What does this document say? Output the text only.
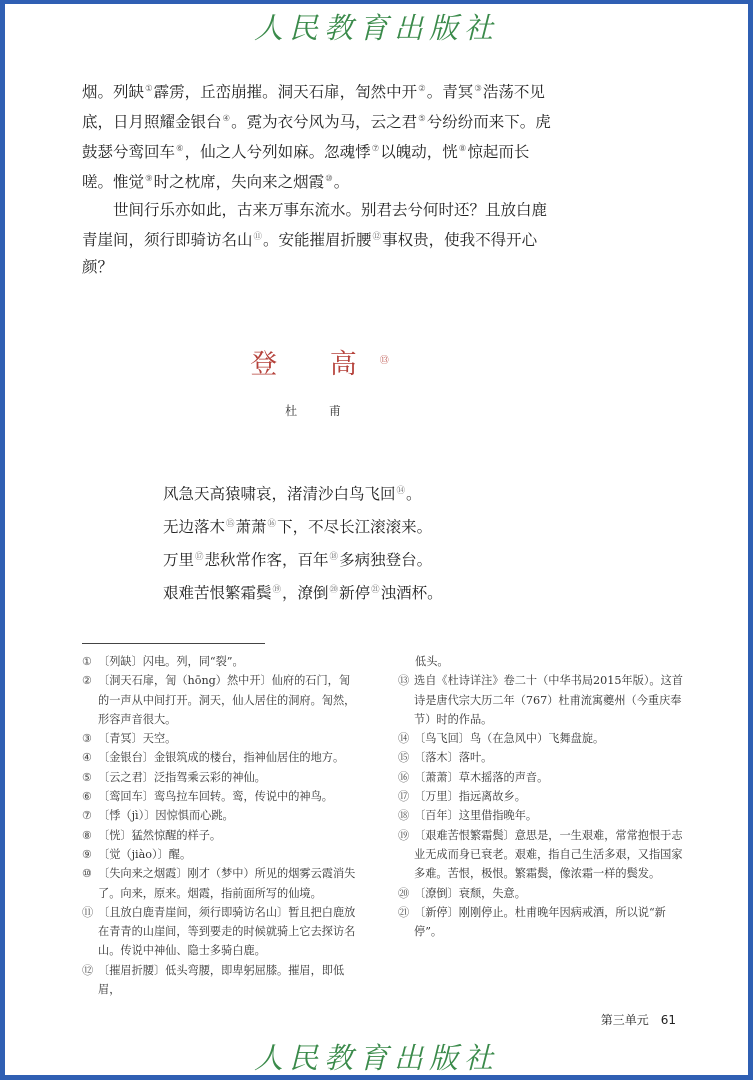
人民教育出版社

烟。列缺①霹雳，丘峦崩摧。洞天石扉，訇然中开②。青冥③浩荡不见底，日月照耀金银台④。霓为衣兮风为马，云之君⑤兮纷纷而来下。虎鼓瑟兮鸾回车⑥，仙之人兮列如麻。忽魂悸⑦以魄动，恍⑧惊起而长嗟。惟觉⑨时之枕席，失向来之烟霞⑩。

世间行乐亦如此，古来万事东流水。别君去兮何时还？且放白鹿青崖间，须行即骑访名山⑪。安能摧眉折腰⑫事权贵，使我不得开心颜？

登 高⑬
杜 甫
风急天高猿啸哀，渚清沙白鸟飞回⑭。
无边落木⑮萧萧⑯下，不尽长江滚滚来。
万里⑰悲秋常作客，百年⑱多病独登台。
艰难苦恨繁霜鬓⑲，潦倒⑳新停$^㉑$浊酒杯。
① 〔列缺〕闪电。列，同“裂”。
② 〔洞天石扉，訇（hōng）然中开〕仙府的石门，訇的一声从中间打开。洞天，仙人居住的洞府。訇然，形容声音很大。
③ 〔青冥〕天空。
④ 〔金银台〕金银筑成的楼台，指神仙居住的地方。
⑤ 〔云之君〕泛指驾乘云彩的神仙。
⑥ 〔鸾回车〕鸾鸟拉车回转。鸾，传说中的神鸟。
⑦ 〔悸（jì）〕因惊惧而心跳。
⑧ 〔恍〕猛然惊醒的样子。
⑨ 〔觉（jiào）〕醒。
⑩ 〔失向来之烟霞〕刚才（梦中）所见的烟雾云霞消失了。向来，原来。烟霞，指前面所写的仙境。
⑪ 〔且放白鹿青崖间，须行即骑访名山〕暂且把白鹿放在青青的山崖间，等到要走的时候就骑上它去探访名山。传说中神仙、隐士多骑白鹿。
⑫ 〔摧眉折腰〕低头弯腰，即卑躬屈膝。摧眉，即低眉，
低头。
⑬ 选自《杜诗详注》卷二十（中华书局2015年版）。这首诗是唐代宗大历二年（767）杜甫流寓夔州（今重庆奉节）时的作品。
⑭ 〔鸟飞回〕鸟（在急风中）飞舞盘旋。
⑮ 〔落木〕落叶。
⑯ 〔萧萧〕草木摇落的声音。
⑰ 〔万里〕指远离故乡。
⑱ 〔百年〕这里借指晚年。
⑲ 〔艰难苦恨繁霜鬓〕意思是，一生艰难，常常抱恨于志业无成而身已衰老。艰难，指自己生活多艰，又指国家多难。苦恨，极恨。繁霜鬓，像浓霜一样的鬓发。
⑳ 〔潦倒〕衰颓，失意。
㉑ 〔新停〕刚刚停止。杜甫晚年因病戒酒，所以说“新停”。
第三单元　61
人民教育出版社
